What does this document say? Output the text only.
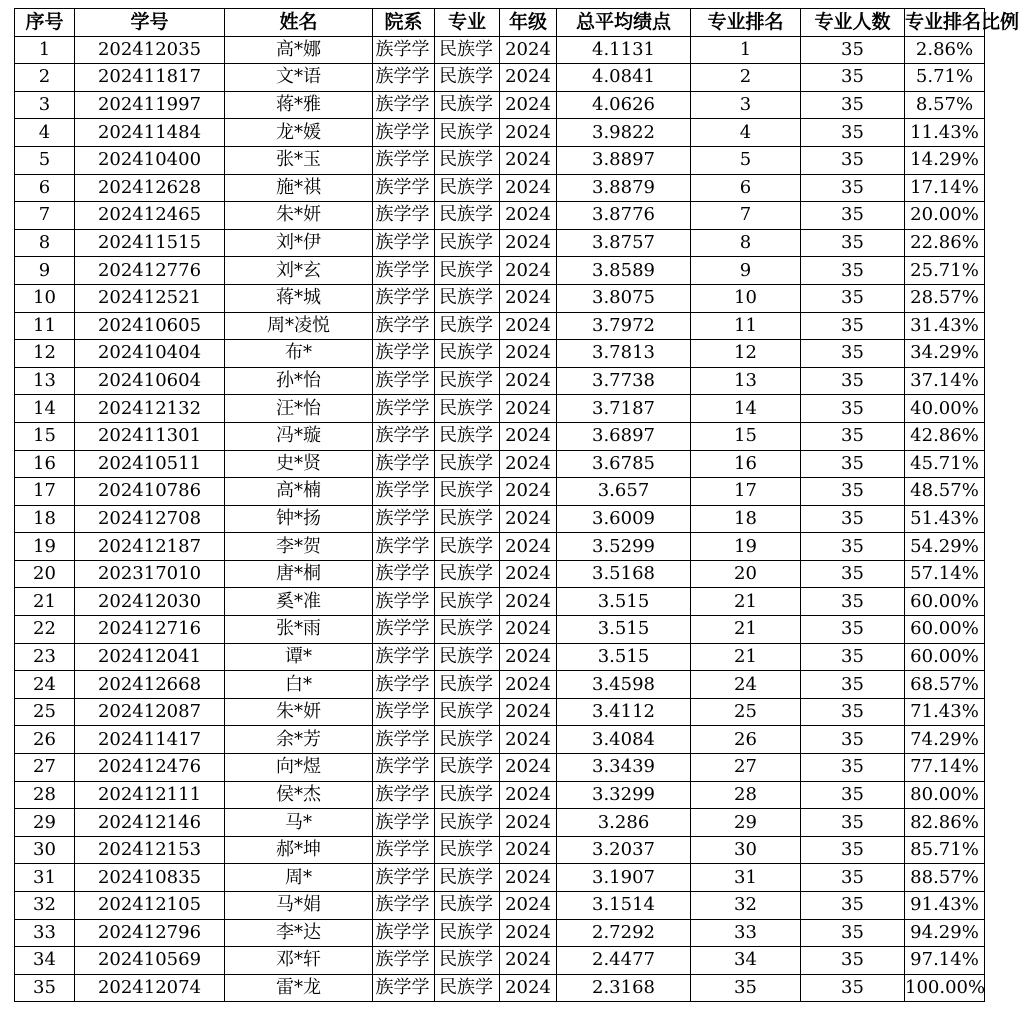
序号	学号	姓名	院系	专业	年级	总平均绩点	专业排名	专业人数	专业排名比例
1	202412035	高*娜	族学学	民族学	2024	4.1131	1	35	2.86%
2	202411817	文*语	族学学	民族学	2024	4.0841	2	35	5.71%
3	202411997	蒋*雅	族学学	民族学	2024	4.0626	3	35	8.57%
4	202411484	龙*媛	族学学	民族学	2024	3.9822	4	35	11.43%
5	202410400	张*玉	族学学	民族学	2024	3.8897	5	35	14.29%
6	202412628	施*祺	族学学	民族学	2024	3.8879	6	35	17.14%
7	202412465	朱*妍	族学学	民族学	2024	3.8776	7	35	20.00%
8	202411515	刘*伊	族学学	民族学	2024	3.8757	8	35	22.86%
9	202412776	刘*玄	族学学	民族学	2024	3.8589	9	35	25.71%
10	202412521	蒋*城	族学学	民族学	2024	3.8075	10	35	28.57%
11	202410605	周*凌悦	族学学	民族学	2024	3.7972	11	35	31.43%
12	202410404	布*	族学学	民族学	2024	3.7813	12	35	34.29%
13	202410604	孙*怡	族学学	民族学	2024	3.7738	13	35	37.14%
14	202412132	汪*怡	族学学	民族学	2024	3.7187	14	35	40.00%
15	202411301	冯*璇	族学学	民族学	2024	3.6897	15	35	42.86%
16	202410511	史*贤	族学学	民族学	2024	3.6785	16	35	45.71%
17	202410786	高*楠	族学学	民族学	2024	3.657	17	35	48.57%
18	202412708	钟*扬	族学学	民族学	2024	3.6009	18	35	51.43%
19	202412187	李*贺	族学学	民族学	2024	3.5299	19	35	54.29%
20	202317010	唐*桐	族学学	民族学	2024	3.5168	20	35	57.14%
21	202412030	奚*准	族学学	民族学	2024	3.515	21	35	60.00%
22	202412716	张*雨	族学学	民族学	2024	3.515	21	35	60.00%
23	202412041	谭*	族学学	民族学	2024	3.515	21	35	60.00%
24	202412668	白*	族学学	民族学	2024	3.4598	24	35	68.57%
25	202412087	朱*妍	族学学	民族学	2024	3.4112	25	35	71.43%
26	202411417	余*芳	族学学	民族学	2024	3.4084	26	35	74.29%
27	202412476	向*煜	族学学	民族学	2024	3.3439	27	35	77.14%
28	202412111	侯*杰	族学学	民族学	2024	3.3299	28	35	80.00%
29	202412146	马*	族学学	民族学	2024	3.286	29	35	82.86%
30	202412153	郝*坤	族学学	民族学	2024	3.2037	30	35	85.71%
31	202410835	周*	族学学	民族学	2024	3.1907	31	35	88.57%
32	202412105	马*娟	族学学	民族学	2024	3.1514	32	35	91.43%
33	202412796	李*达	族学学	民族学	2024	2.7292	33	35	94.29%
34	202410569	邓*轩	族学学	民族学	2024	2.4477	34	35	97.14%
35	202412074	雷*龙	族学学	民族学	2024	2.3168	35	35	100.00%
